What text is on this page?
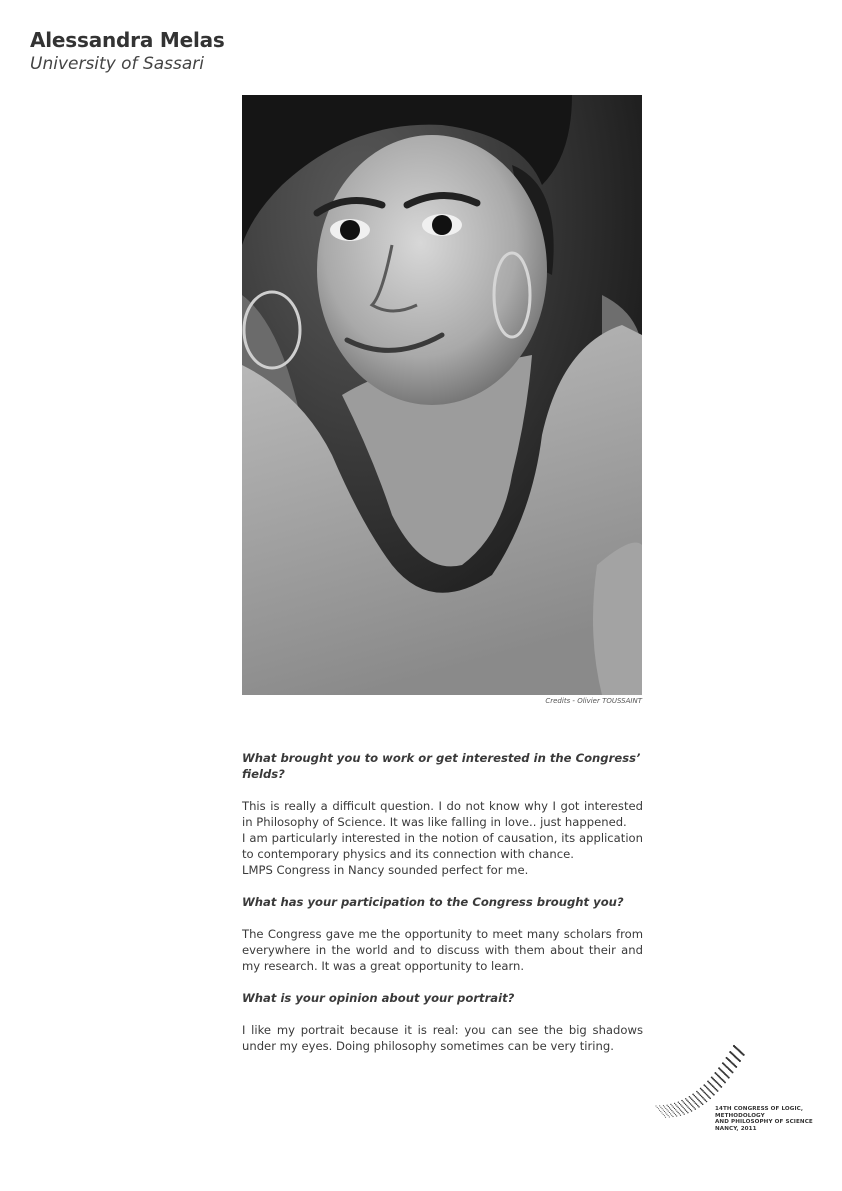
Alessandra Melas
University of Sassari
Credits - Olivier TOUSSAINT
What brought you to work or get interested in the Congress’ fields?
This is really a difficult question. I do not know why I got interested in Philosophy of Science. It was like falling in love.. just happened.
I am particularly interested in the notion of causation, its application to contemporary physics and its connection with chance.
LMPS Congress in Nancy sounded perfect for me.
What has your participation to the Congress brought you?
The Congress gave me the opportunity to meet many scholars from everywhere in the world and to discuss with them about their and my research. It was a great opportunity to learn.
What is your opinion about your portrait?
I like my portrait because it is real: you can see the big shadows under my eyes. Doing philosophy sometimes can be very tiring.
14TH CONGRESS OF LOGIC,
METHODOLOGY
AND PHILOSOPHY OF SCIENCE
NANCY, 2011
